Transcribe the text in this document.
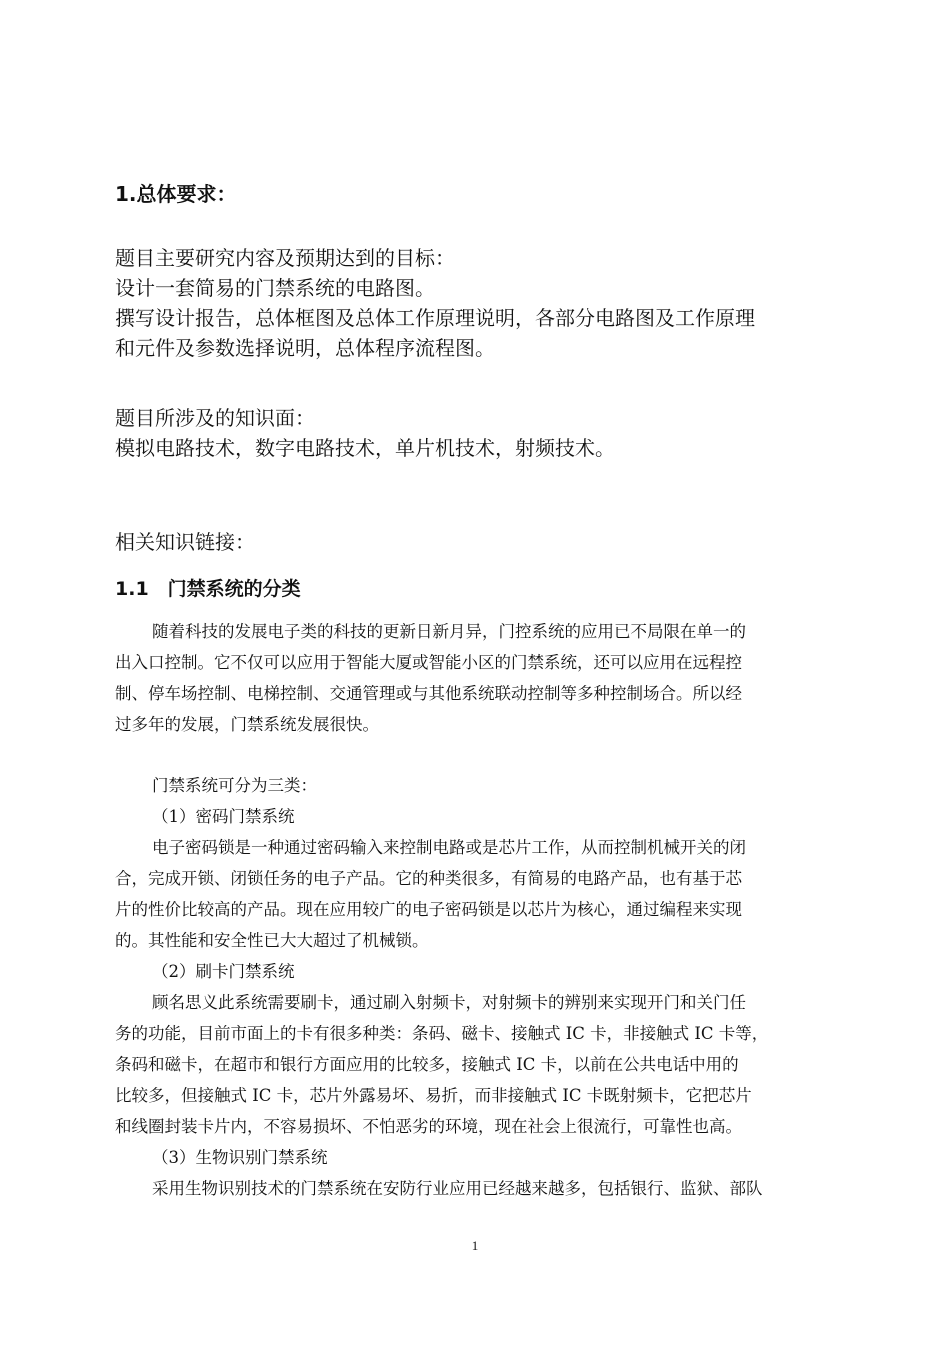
1.总体要求：
题目主要研究内容及预期达到的目标：
设计一套简易的门禁系统的电路图。
撰写设计报告，总体框图及总体工作原理说明，各部分电路图及工作原理
和元件及参数选择说明，总体程序流程图。
题目所涉及的知识面：
模拟电路技术，数字电路技术，单片机技术，射频技术。
相关知识链接：
1.1　门禁系统的分类
随着科技的发展电子类的科技的更新日新月异，门控系统的应用已不局限在单一的
出入口控制。它不仅可以应用于智能大厦或智能小区的门禁系统，还可以应用在远程控
制、停车场控制、电梯控制、交通管理或与其他系统联动控制等多种控制场合。所以经
过多年的发展，门禁系统发展很快。
门禁系统可分为三类：
（1）密码门禁系统
电子密码锁是一种通过密码输入来控制电路或是芯片工作，从而控制机械开关的闭
合，完成开锁、闭锁任务的电子产品。它的种类很多，有简易的电路产品，也有基于芯
片的性价比较高的产品。现在应用较广的电子密码锁是以芯片为核心，通过编程来实现
的。其性能和安全性已大大超过了机械锁。
（2）刷卡门禁系统
顾名思义此系统需要刷卡，通过刷入射频卡，对射频卡的辨别来实现开门和关门任
务的功能，目前市面上的卡有很多种类：条码、磁卡、接触式 IC 卡，非接触式 IC 卡等，
条码和磁卡，在超市和银行方面应用的比较多，接触式 IC 卡，以前在公共电话中用的
比较多，但接触式 IC 卡，芯片外露易坏、易折，而非接触式 IC 卡既射频卡，它把芯片
和线圈封装卡片内，不容易损坏、不怕恶劣的环境，现在社会上很流行，可靠性也高。
（3）生物识别门禁系统
采用生物识别技术的门禁系统在安防行业应用已经越来越多，包括银行、监狱、部队
1
